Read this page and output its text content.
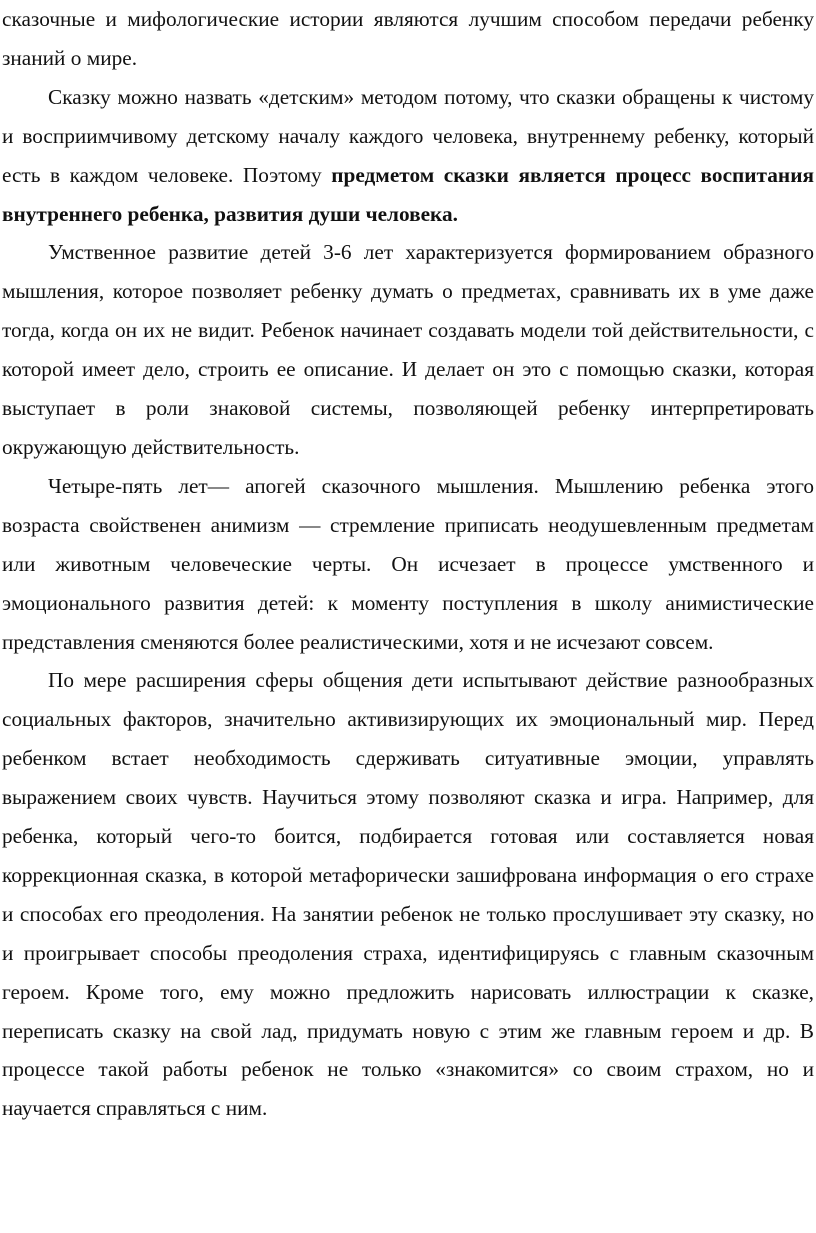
сказочные и мифологические истории являются лучшим способом передачи ребенку знаний о мире.

Сказку можно назвать «детским» методом потому, что сказки обращены к чистому и восприимчивому детскому началу каждого человека, внутреннему ребенку, который есть в каждом человеке. Поэтому предметом сказки является процесс воспитания внутреннего ребенка, развития души человека.

Умственное развитие детей 3-6 лет характеризуется формированием образного мышления, которое позволяет ребенку думать о предметах, сравнивать их в уме даже тогда, когда он их не видит. Ребенок начинает создавать модели той действительности, с которой имеет дело, строить ее описание. И делает он это с помощью сказки, которая выступает в роли знаковой системы, позволяющей ребенку интерпретировать окружающую действительность.

Четыре-пять лет— апогей сказочного мышления. Мышлению ребенка этого возраста свойственен анимизм — стремление приписать неодушевленным предметам или животным человеческие черты. Он исчезает в процессе умственного и эмоционального развития детей: к моменту поступления в школу анимистические представления сменяются более реалистическими, хотя и не исчезают совсем.

По мере расширения сферы общения дети испытывают действие разнообразных социальных факторов, значительно активизирующих их эмоциональный мир. Перед ребенком встает необходимость сдерживать ситуативные эмоции, управлять выражением своих чувств. Научиться этому позволяют сказка и игра. Например, для ребенка, который чего-то боится, подбирается готовая или составляется новая коррекционная сказка, в которой метафорически зашифрована информация о его страхе и способах его преодоления. На занятии ребенок не только прослушивает эту сказку, но и проигрывает способы преодоления страха, идентифицируясь с главным сказочным героем. Кроме того, ему можно предложить нарисовать иллюстрации к сказке, переписать сказку на свой лад, придумать новую с этим же главным героем и др. В процессе такой работы ребенок не только «знакомится» со своим страхом, но и научается справляться с ним.
